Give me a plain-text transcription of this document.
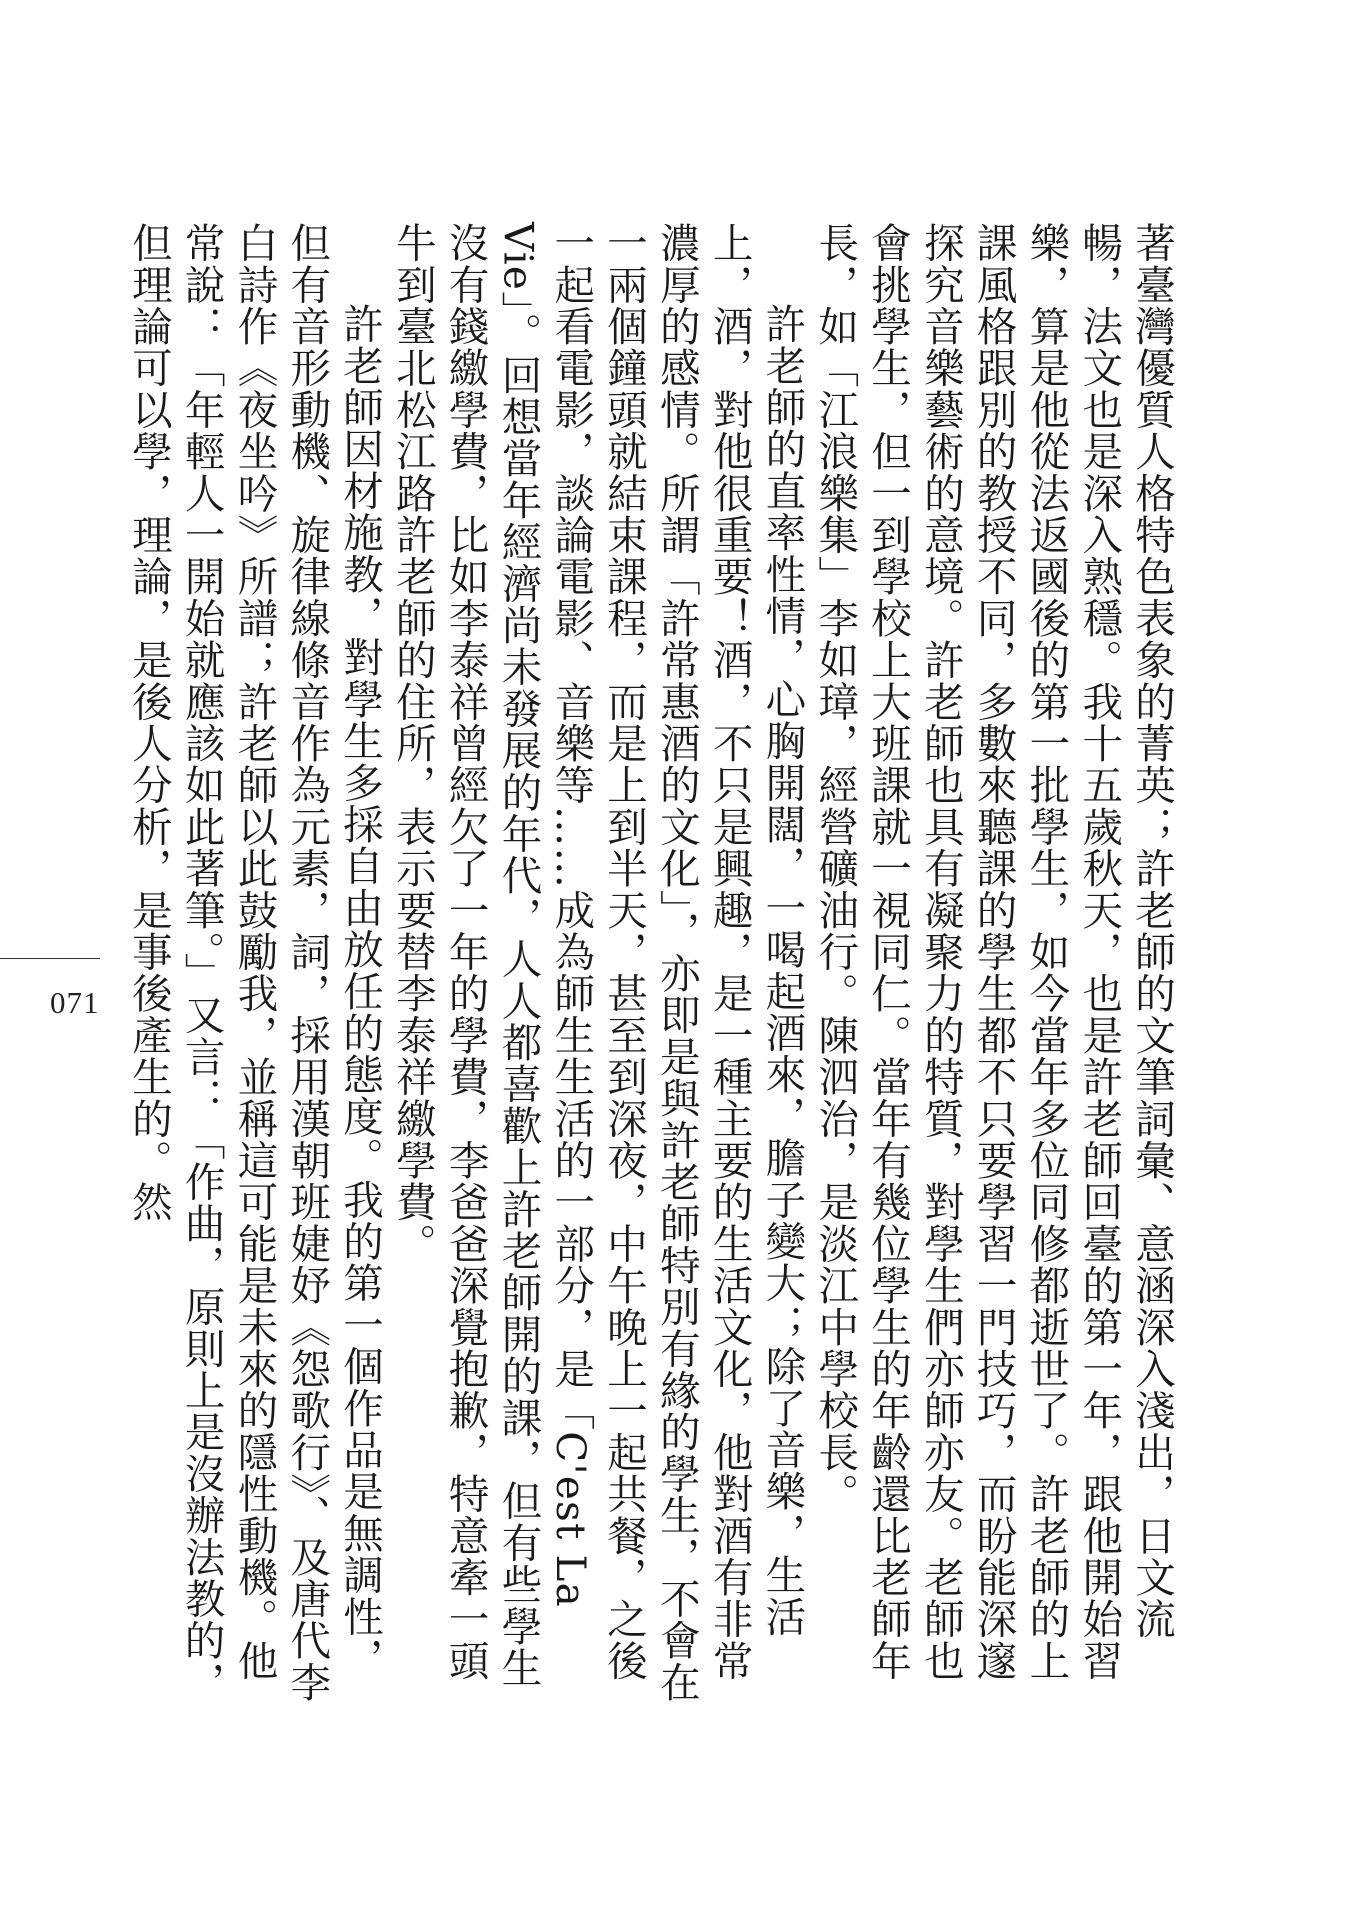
著臺灣優質人格特色表象的菁英；許老師的文筆詞彙、意涵深入淺出，日文流暢，法文也是深入熟穩。我十五歲秋天，也是許老師回臺的第一年，跟他開始習樂，算是他從法返國後的第一批學生，如今當年多位同修都逝世了。許老師的上課風格跟別的教授不同，多數來聽課的學生都不只要學習一門技巧，而盼能深邃探究音樂藝術的意境。許老師也具有凝聚力的特質，對學生們亦師亦友。老師也會挑學生，但一到學校上大班課就一視同仁。當年有幾位學生的年齡還比老師年長，如「江浪樂集」李如璋，經營礦油行。陳泗治，是淡江中學校長。

許老師的直率性情，心胸開闊，一喝起酒來，膽子變大；除了音樂，生活上，酒，對他很重要！酒，不只是興趣，是一種主要的生活文化，他對酒有非常濃厚的感情。所謂「許常惠酒的文化」，亦即是與許老師特別有緣的學生，不會在一兩個鐘頭就結束課程，而是上到半天，甚至到深夜，中午晚上一起共餐，之後一起看電影，談論電影、音樂等……成為師生生活的一部分，是「C'est La Vie」。回想當年經濟尚未發展的年代，人人都喜歡上許老師開的課，但有些學生沒有錢繳學費，比如李泰祥曾經欠了一年的學費，李爸爸深覺抱歉，特意牽一頭牛到臺北松江路許老師的住所，表示要替李泰祥繳學費。

許老師因材施教，對學生多採自由放任的態度。我的第一個作品是無調性，但有音形動機、旋律線條音作為元素，詞，採用漢朝班婕妤《怨歌行》、及唐代李白詩作《夜坐吟》所譜；許老師以此鼓勵我，並稱這可能是未來的隱性動機。他常說：「年輕人一開始就應該如此著筆。」又言：「作曲，原則上是沒辦法教的，但理論可以學，理論，是後人分析，是事後產生的。然

071
